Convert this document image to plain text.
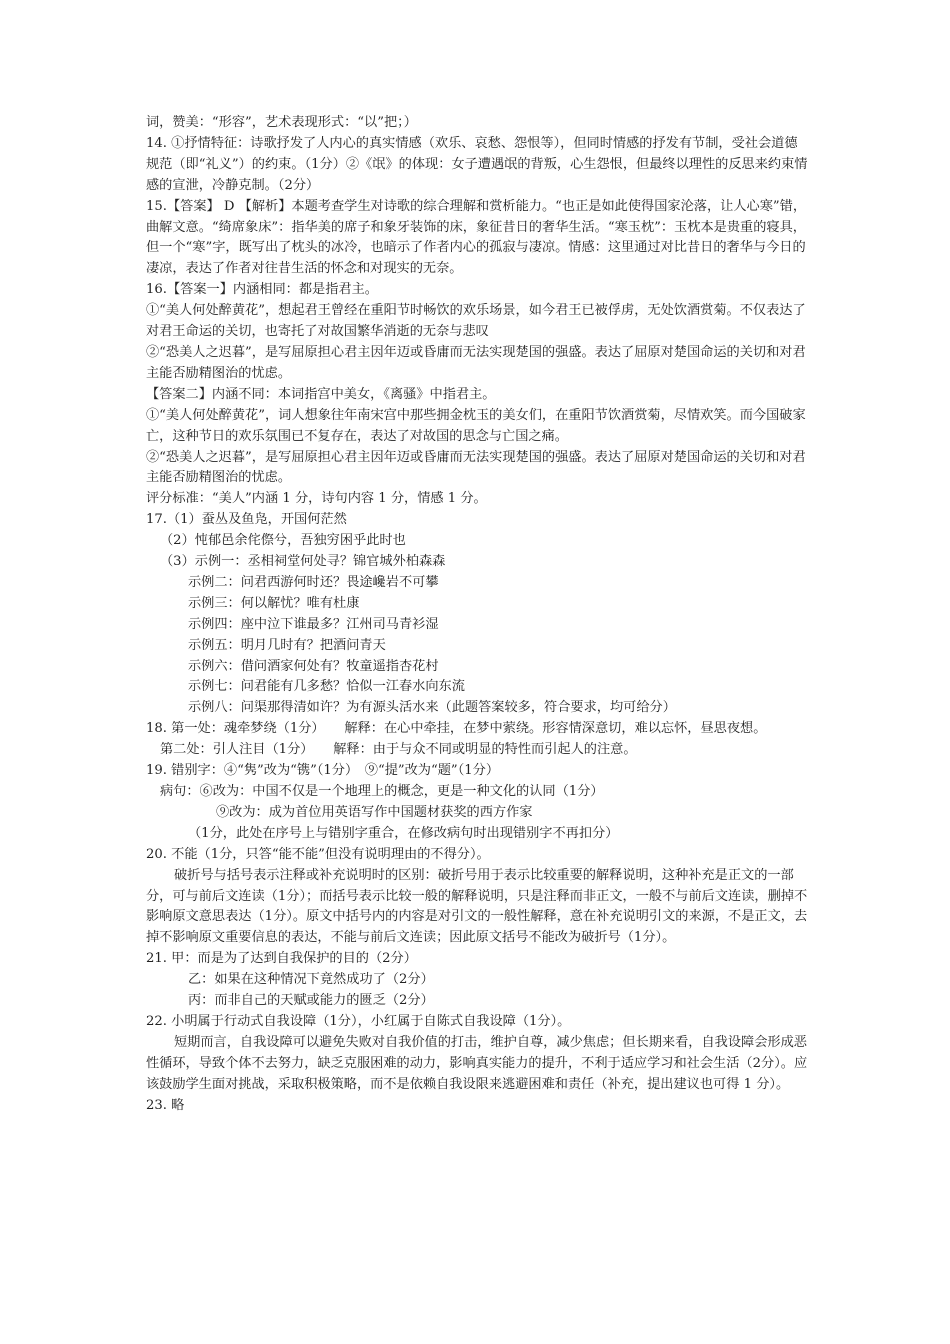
词，赞美：“形容”，艺术表现形式：“以”把；）

14. ①抒情特征：诗歌抒发了人内心的真实情感（欢乐、哀愁、怨恨等），但同时情感的抒发有节制，受社会道德规范（即“礼义”）的约束。（1分）②《氓》的体现：女子遭遇氓的背叛，心生怨恨，但最终以理性的反思来约束情感的宣泄，冷静克制。（2分）

15.【答案】 D 【解析】本题考查学生对诗歌的综合理解和赏析能力。“也正是如此使得国家沦落，让人心寒”错，曲解文意。“绮席象床”：指华美的席子和象牙装饰的床，象征昔日的奢华生活。“寒玉枕”：玉枕本是贵重的寝具，但一个“寒”字，既写出了枕头的冰冷，也暗示了作者内心的孤寂与凄凉。情感：这里通过对比昔日的奢华与今日的凄凉，表达了作者对往昔生活的怀念和对现实的无奈。

16.【答案一】内涵相同：都是指君主。

①“美人何处醉黄花”，想起君王曾经在重阳节时畅饮的欢乐场景，如今君王已被俘虏，无处饮酒赏菊。不仅表达了对君王命运的关切，也寄托了对故国繁华消逝的无奈与悲叹

②“恐美人之迟暮”，是写屈原担心君主因年迈或昏庸而无法实现楚国的强盛。表达了屈原对楚国命运的关切和对君主能否励精图治的忧虑。

【答案二】内涵不同：本词指宫中美女，《离骚》中指君主。

①“美人何处醉黄花”，词人想象往年南宋宫中那些拥金枕玉的美女们，在重阳节饮酒赏菊，尽情欢笑。而今国破家亡，这种节日的欢乐氛围已不复存在，表达了对故国的思念与亡国之痛。

②“恐美人之迟暮”，是写屈原担心君主因年迈或昏庸而无法实现楚国的强盛。表达了屈原对楚国命运的关切和对君主能否励精图治的忧虑。

评分标准：“美人”内涵 1 分，诗句内容 1 分，情感 1 分。

17.（1）蚕丛及鱼凫，开国何茫然

（2）忳郁邑余侘傺兮，吾独穷困乎此时也

（3）示例一：丞相祠堂何处寻？锦官城外柏森森

示例二：问君西游何时还？畏途巉岩不可攀

示例三：何以解忧？唯有杜康

示例四：座中泣下谁最多？江州司马青衫湿

示例五：明月几时有？把酒问青天

示例六：借问酒家何处有？牧童遥指杏花村

示例七：问君能有几多愁？恰似一江春水向东流

示例八：问渠那得清如许？为有源头活水来（此题答案较多，符合要求，均可给分）

18. 第一处：魂牵梦绕（1分）　　解释：在心中牵挂，在梦中萦绕。形容情深意切，难以忘怀，昼思夜想。

第二处：引人注目（1分）　　解释：由于与众不同或明显的特性而引起人的注意。

19. 错别字：④“隽”改为“镌”（1分）　⑨“提”改为“题”（1分）

病句：⑥改为：中国不仅是一个地理上的概念，更是一种文化的认同（1分）

⑨改为：成为首位用英语写作中国题材获奖的西方作家

（1分，此处在序号上与错别字重合，在修改病句时出现错别字不再扣分）

20. 不能（1分，只答“能不能”但没有说明理由的不得分）。

破折号与括号表示注释或补充说明时的区别：破折号用于表示比较重要的解释说明，这种补充是正文的一部分，可与前后文连读（1分）；而括号表示比较一般的解释说明，只是注释而非正文，一般不与前后文连读，删掉不影响原文意思表达（1分）。原文中括号内的内容是对引文的一般性解释，意在补充说明引文的来源，不是正文，去掉不影响原文重要信息的表达，不能与前后文连读；因此原文括号不能改为破折号（1分）。

21. 甲：而是为了达到自我保护的目的（2分）

乙：如果在这种情况下竟然成功了（2分）

丙：而非自己的天赋或能力的匮乏（2分）

22. 小明属于行动式自我设障（1分），小红属于自陈式自我设障（1分）。

短期而言，自我设障可以避免失败对自我价值的打击，维护自尊，减少焦虑；但长期来看，自我设障会形成恶性循环，导致个体不去努力，缺乏克服困难的动力，影响真实能力的提升，不利于适应学习和社会生活（2分）。应该鼓励学生面对挑战，采取积极策略，而不是依赖自我设限来逃避困难和责任（补充，提出建议也可得 1 分）。

23. 略
